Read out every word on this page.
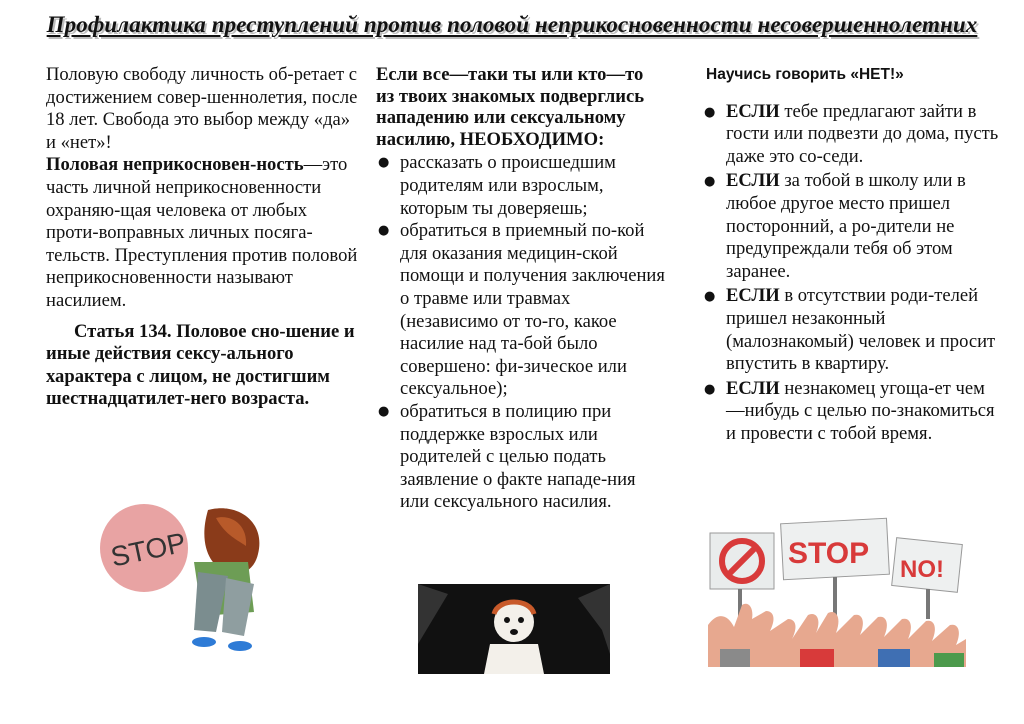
Профилактика преступлений против половой неприкосновенности несовершеннолетних

Половую свободу личность об-ретает с достижением совер-шеннолетия, после 18 лет. Свобода это выбор между «да» и «нет»!

Половая неприкосновен-ность—это часть личной неприкосновенности охраняю-щая человека от любых проти-воправных личных посяга-тельств. Преступления против половой неприкосновенности называют насилием.

Статья 134. Половое сно-шение и иные действия сексу-ального характера с лицом, не достигшим шестнадцатилет-него возраста.

Если все—таки ты или кто—то из твоих знакомых подверглись нападению или сексуальному насилию, НЕОБХОДИМО:
● рассказать о происшедшим родителям или взрослым, которым ты доверяешь;
● обратиться в приемный по-кой для оказания медицин-ской помощи и получения заключения о травме или травмах (независимо от то-го, какое насилие над та-бой было совершено: фи-зическое или сексуальное);
● обратиться в полицию при поддержке взрослых или родителей с целью подать заявление о факте нападе-ния или сексуального насилия.
Научись говорить «НЕТ!»
● ЕСЛИ тебе предлагают зайти в гости или подвезти до дома, пусть даже это со-седи.
● ЕСЛИ за тобой в школу или в любое другое место пришел посторонний, а ро-дители не предупреждали тебя об этом заранее.
● ЕСЛИ в отсутствии роди-телей пришел незаконный (малознакомый) человек и просит впустить в квартиру.
● ЕСЛИ незнакомец угоща-ет чем—нибудь с целью по-знакомиться и провести с тобой время.
STOP	STOP NO!
